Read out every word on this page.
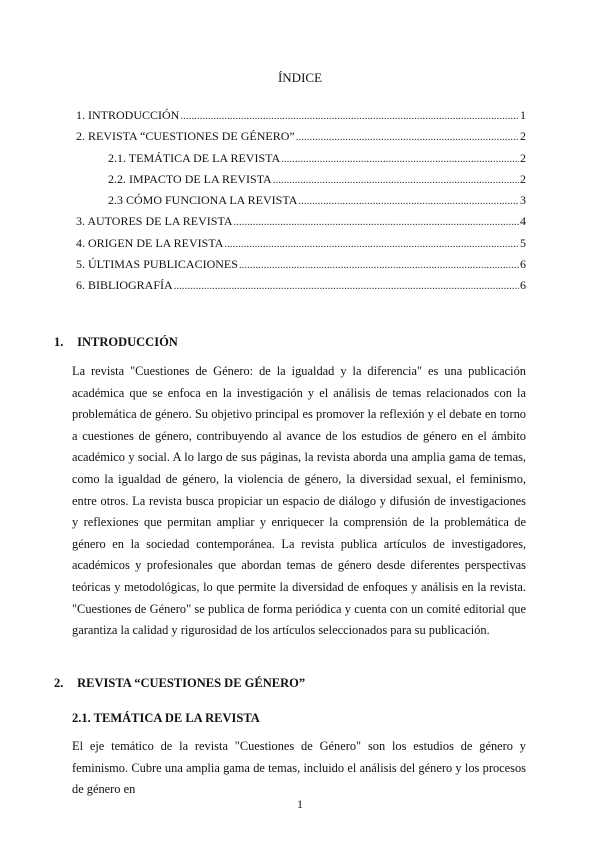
ÍNDICE
1. INTRODUCCIÓN .....	1
2. REVISTA “CUESTIONES DE GÉNERO” .....	2
2.1. TEMÁTICA DE LA REVISTA .....	2
2.2. IMPACTO DE LA REVISTA .....	2
2.3 CÓMO FUNCIONA LA REVISTA .....	3
3. AUTORES DE LA REVISTA .....	4
4. ORIGEN DE LA REVISTA .....	5
5. ÚLTIMAS PUBLICACIONES .....	6
6. BIBLIOGRAFÍA .....	6
1. INTRODUCCIÓN

La revista "Cuestiones de Género: de la igualdad y la diferencia" es una publicación académica que se enfoca en la investigación y el análisis de temas relacionados con la problemática de género. Su objetivo principal es promover la reflexión y el debate en torno a cuestiones de género, contribuyendo al avance de los estudios de género en el ámbito académico y social. A lo largo de sus páginas, la revista aborda una amplia gama de temas, como la igualdad de género, la violencia de género, la diversidad sexual, el feminismo, entre otros. La revista busca propiciar un espacio de diálogo y difusión de investigaciones y reflexiones que permitan ampliar y enriquecer la comprensión de la problemática de género en la sociedad contemporánea. La revista publica artículos de investigadores, académicos y profesionales que abordan temas de género desde diferentes perspectivas teóricas y metodológicas, lo que permite la diversidad de enfoques y análisis en la revista. "Cuestiones de Género" se publica de forma periódica y cuenta con un comité editorial que garantiza la calidad y rigurosidad de los artículos seleccionados para su publicación.

2. REVISTA “CUESTIONES DE GÉNERO”
2.1. TEMÁTICA DE LA REVISTA

El eje temático de la revista "Cuestiones de Género" son los estudios de género y feminismo. Cubre una amplia gama de temas, incluido el análisis del género y los procesos de género en

1
